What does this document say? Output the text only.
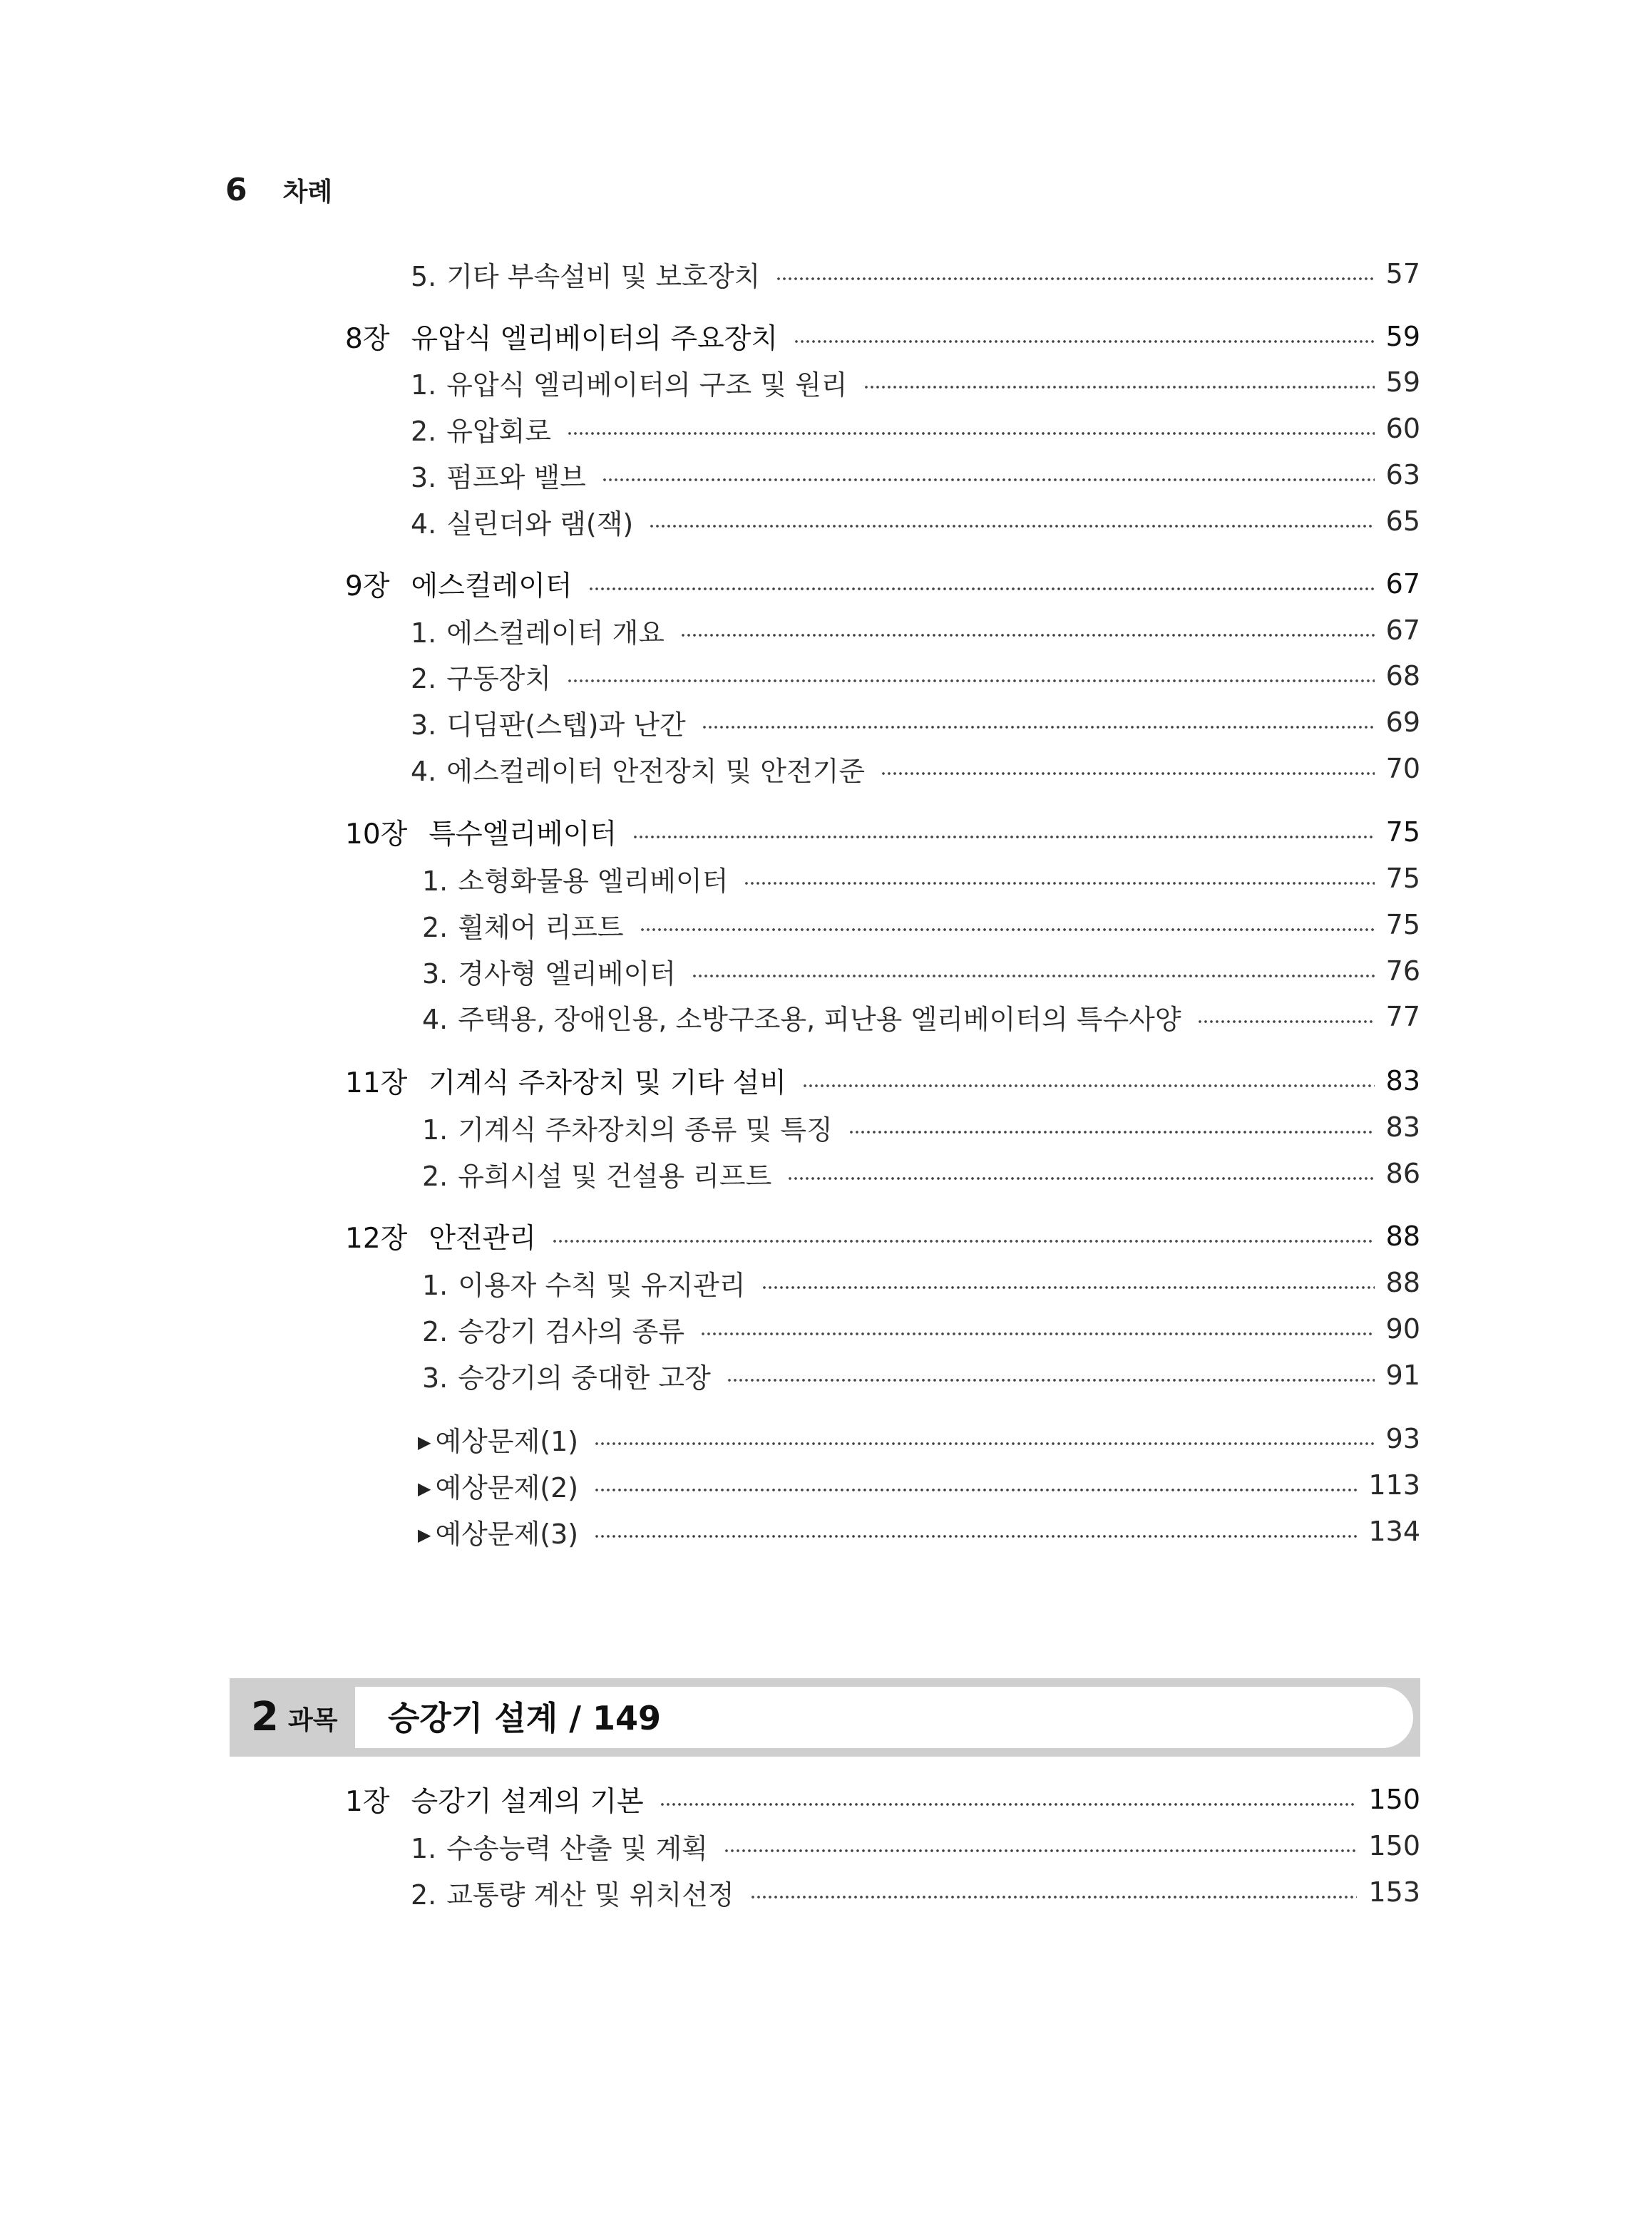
6 차례
5. 기타 부속설비 및 보호장치	57
8장 유압식 엘리베이터의 주요장치	59
1. 유압식 엘리베이터의 구조 및 원리	59
2. 유압회로	60
3. 펌프와 밸브	63
4. 실린더와 램(잭)	65
9장 에스컬레이터	67
1. 에스컬레이터 개요	67
2. 구동장치	68
3. 디딤판(스텝)과 난간	69
4. 에스컬레이터 안전장치 및 안전기준	70
10장 특수엘리베이터	75
1. 소형화물용 엘리베이터	75
2. 휠체어 리프트	75
3. 경사형 엘리베이터	76
4. 주택용, 장애인용, 소방구조용, 피난용 엘리베이터의 특수사양	77
11장 기계식 주차장치 및 기타 설비	83
1. 기계식 주차장치의 종류 및 특징	83
2. 유희시설 및 건설용 리프트	86
12장 안전관리	88
1. 이용자 수칙 및 유지관리	88
2. 승강기 검사의 종류	90
3. 승강기의 중대한 고장	91
▶ 예상문제(1)	93
▶ 예상문제(2)	113
▶ 예상문제(3)	134
1장 승강기 설계의 기본	150
1. 수송능력 산출 및 계획	150
2. 교통량 계산 및 위치선정	153
2 과목 승강기 설계 / 149
